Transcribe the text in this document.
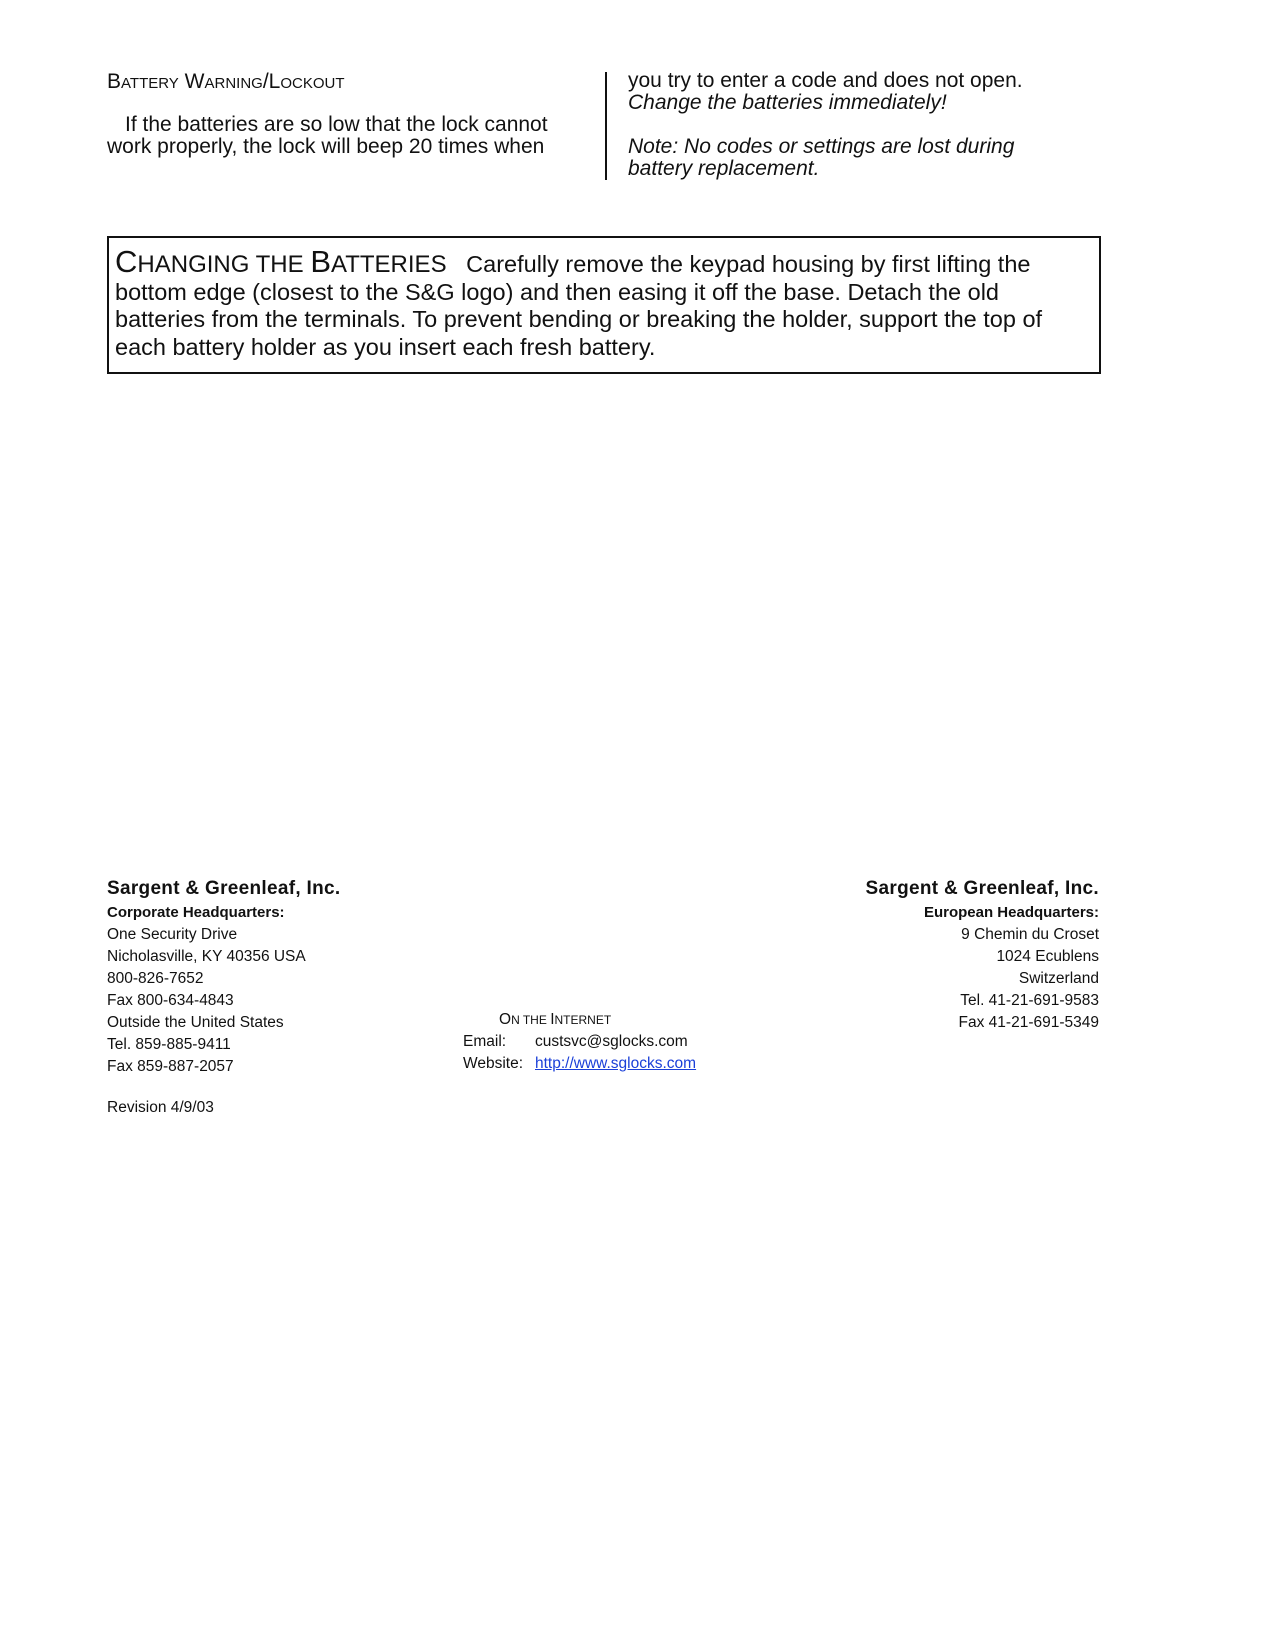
BATTERY WARNING/LOCKOUT
If the batteries are so low that the lock cannot
work properly, the lock will beep 20 times when
you try to enter a code and does not open.
Change the batteries immediately!
Note: No codes or settings are lost during
battery replacement.
CHANGING THE BATTERIES Carefully remove the keypad housing by first lifting the
bottom edge (closest to the S&G logo) and then easing it off the base. Detach the old
batteries from the terminals. To prevent bending or breaking the holder, support the top of
each battery holder as you insert each fresh battery.
Sargent & Greenleaf, Inc.
Corporate Headquarters:
One Security Drive
Nicholasville, KY 40356 USA
800-826-7652
Fax 800-634-4843
Outside the United States
Tel. 859-885-9411
Fax 859-887-2057
ON THE INTERNET
Email: custsvc@sglocks.com
Website: http://www.sglocks.com
Sargent & Greenleaf, Inc.
European Headquarters:
9 Chemin du Croset
1024 Ecublens
Switzerland
Tel. 41-21-691-9583
Fax 41-21-691-5349
Revision 4/9/03
